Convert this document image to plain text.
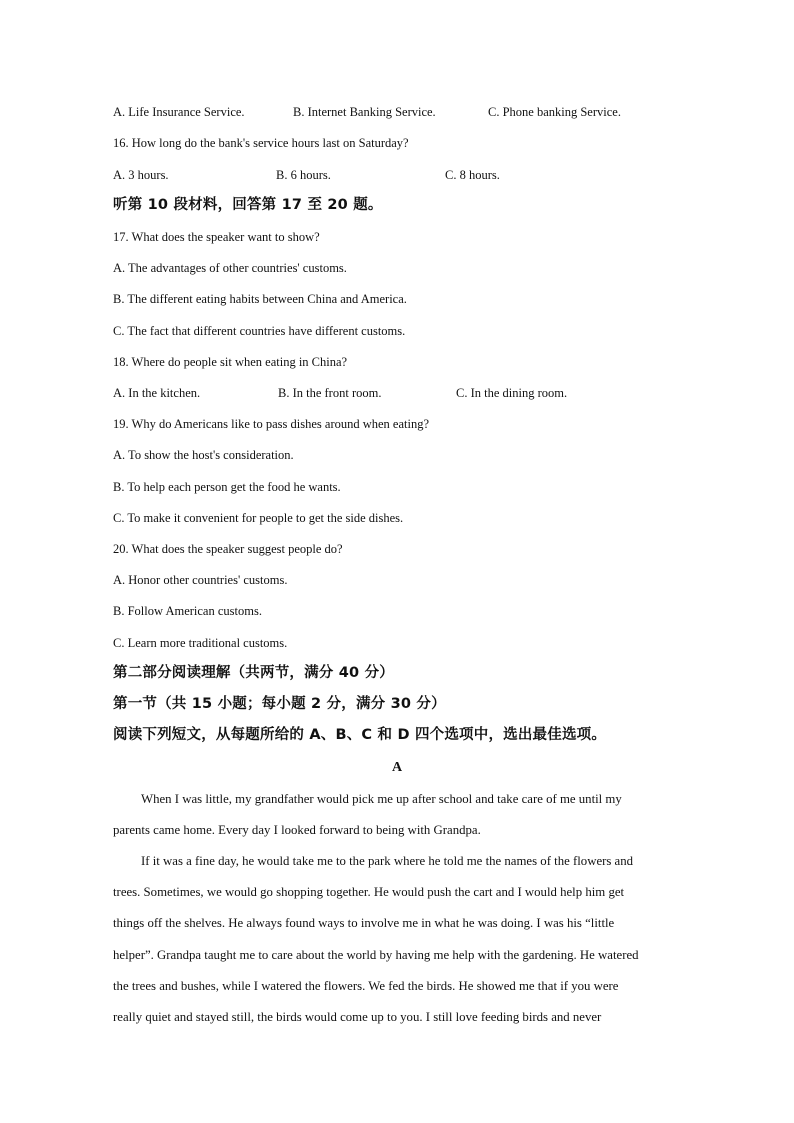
A. Life Insurance Service.	B. Internet Banking Service.	C. Phone banking Service.
16. How long do the bank's service hours last on Saturday?
A. 3 hours.	B. 6 hours.	C. 8 hours.
听第 10 段材料，回答第 17 至 20 题。
17. What does the speaker want to show?
A. The advantages of other countries' customs.
B. The different eating habits between China and America.
C. The fact that different countries have different customs.
18. Where do people sit when eating in China?
A. In the kitchen.	B. In the front room.	C. In the dining room.
19. Why do Americans like to pass dishes around when eating?
A. To show the host's consideration.
B. To help each person get the food he wants.
C. To make it convenient for people to get the side dishes.
20. What does the speaker suggest people do?
A. Honor other countries' customs.
B. Follow American customs.
C. Learn more traditional customs.
第二部分阅读理解（共两节，满分 40 分）
第一节（共 15 小题；每小题 2 分，满分 30 分）
阅读下列短文，从每题所给的 A、B、C 和 D 四个选项中，选出最佳选项。
A
When I was little, my grandfather would pick me up after school and take care of me until my
parents came home. Every day I looked forward to being with Grandpa.
If it was a fine day, he would take me to the park where he told me the names of the flowers and
trees. Sometimes, we would go shopping together. He would push the cart and I would help him get
things off the shelves. He always found ways to involve me in what he was doing. I was his “little
helper”. Grandpa taught me to care about the world by having me help with the gardening. He watered
the trees and bushes, while I watered the flowers. We fed the birds. He showed me that if you were
really quiet and stayed still, the birds would come up to you. I still love feeding birds and never
